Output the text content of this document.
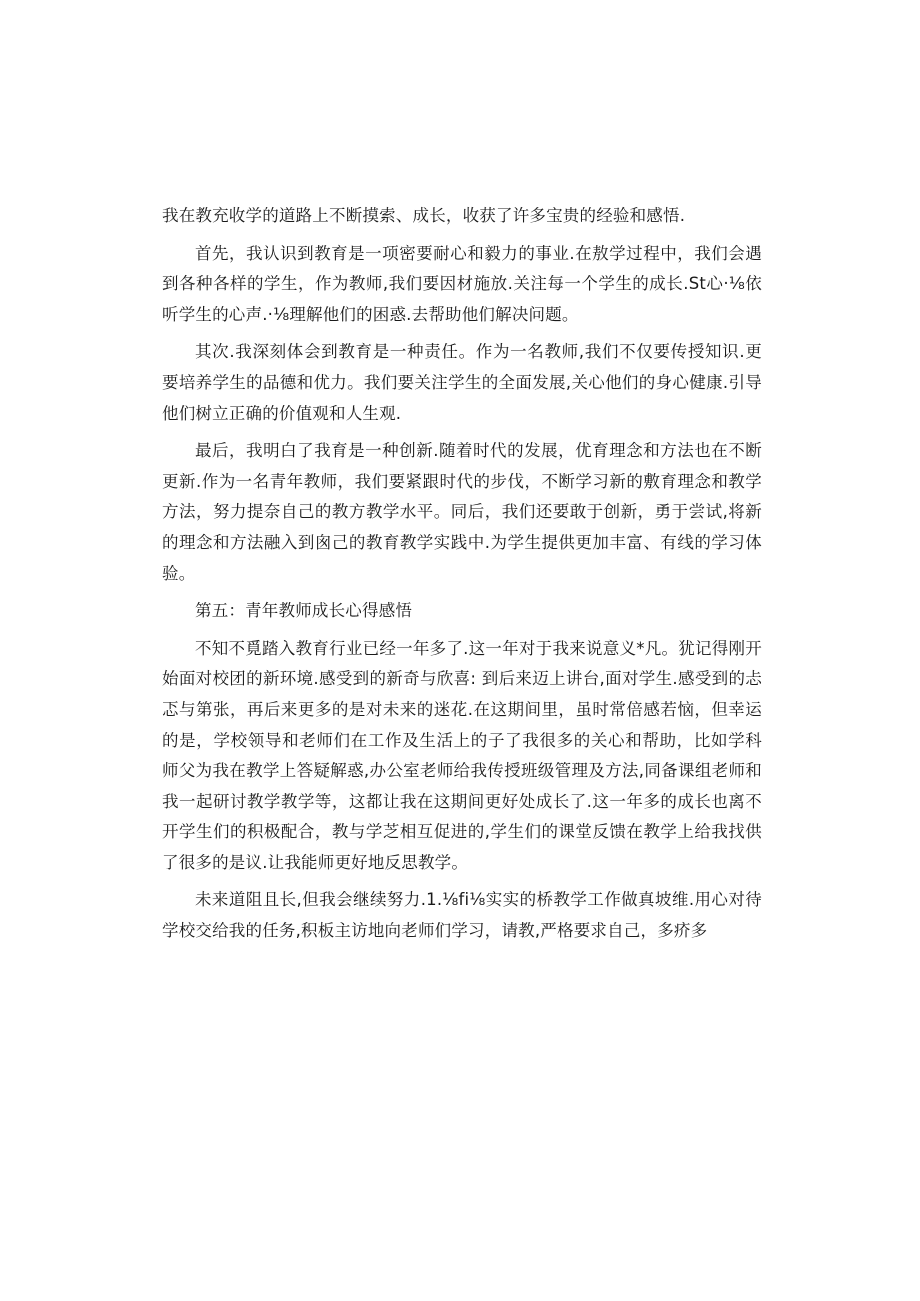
我在教充收学的道路上不断摸索、成长，收获了许多宝贵的经验和感悟.

首先，我认识到教育是一项密要耐心和毅力的事业.在敖学过程中，我们会遇到各种各样的学生，作为教师,我们要因材施放.关注每一个学生的成长.St心·⅛依听学生的心声.·⅛理解他们的困惑.去帮助他们解决问题。

其次.我深刻体会到教育是一种责任。作为一名教师,我们不仅要传授知识.更要培养学生的品德和优力。我们要关注学生的全面发展,关心他们的身心健康.引导他们树立正确的价值观和人生观.

最后，我明白了我育是一种创新.随着时代的发展，优育理念和方法也在不断更新.作为一名青年教师，我们要紧跟时代的步伐，不断学习新的敷育理念和教学方法，努力提奈自己的教方教学水平。同后，我们还要敢于创新，勇于尝试,将新的理念和方法融入到囪己的教育教学实践中.为学生提供更加丰富、有线的学习体验。

第五：青年教师成长心得感悟

不知不覓踏入教育行业已经一年多了.这一年对于我来说意义*凡。犹记得刚开始面对校团的新环境.感受到的新奇与欣喜: 到后来迈上讲台,面对学生.感受到的忐忑与第张，再后来更多的是对未来的迷花.在这期间里，虽时常倍感若恼，但幸运的是，学校领导和老师们在工作及生活上的子了我很多的关心和帮助，比如学科师父为我在教学上答疑解惑,办公室老师给我传授班级管理及方法,同备课组老师和我一起研讨教学教学等，这都让我在这期间更好处成长了.这一年多的成长也离不开学生们的积极配合，教与学芝相互促进的,学生们的课堂反馈在教学上给我找供了很多的是议.让我能师更好地反思教学。

未来道阻且长,但我会继续努力.1.⅛fi⅛实实的桥教学工作做真坡维.用心对待学校交给我的任务,积板主访地向老师们学习，请教,严格要求自己，多疥多
